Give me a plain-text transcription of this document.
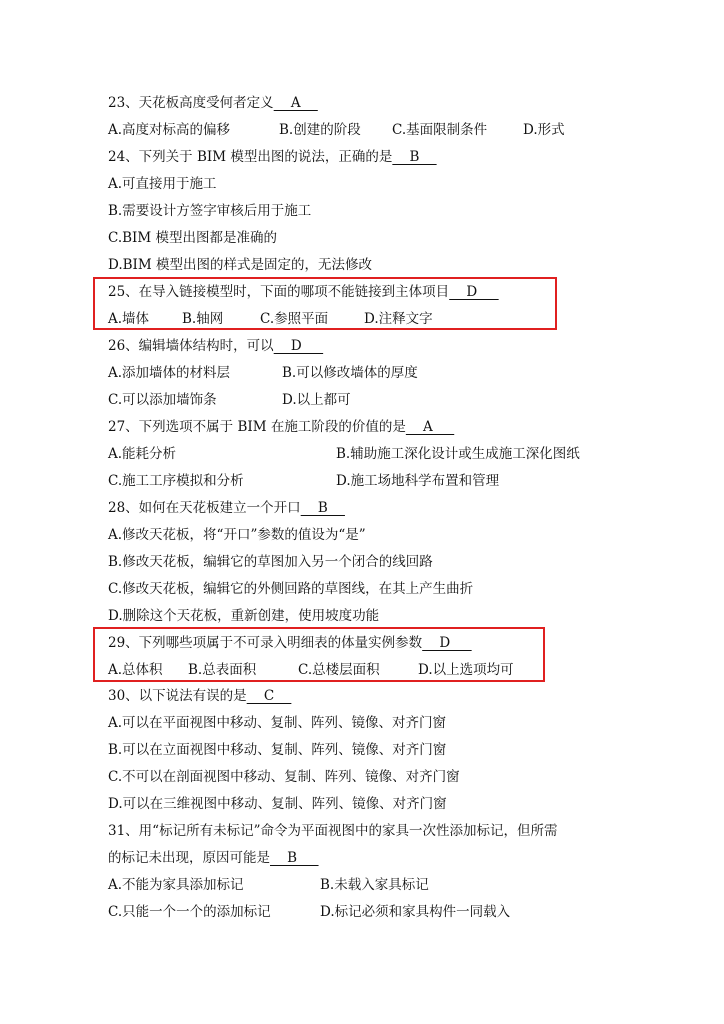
23、天花板高度受何者定义    A
A.高度对标高的偏移	B.创建的阶段 C.基面限制条件	D.形式
24、下列关于 BIM 模型出图的说法，正确的是    B
A.可直接用于施工
B.需要设计方签字审核后用于施工
C.BIM 模型出图都是准确的
D.BIM 模型出图的样式是固定的，无法修改
25、在导入链接模型时，下面的哪项不能链接到主体项目    D
A.墙体 B.轴网	C.参照平面	D.注释文字
26、编辑墙体结构时，可以    D
A.添加墙体的材料层	B.可以修改墙体的厚度
C.可以添加墙饰条	D.以上都可
27、下列选项不属于 BIM 在施工阶段的价值的是    A
A.能耗分析	B.辅助施工深化设计或生成施工深化图纸
C.施工工序模拟和分析	D.施工场地科学布置和管理
28、如何在天花板建立一个开口    B
A.修改天花板，将“开口”参数的值设为“是”
B.修改天花板，编辑它的草图加入另一个闭合的线回路
C.修改天花板，编辑它的外侧回路的草图线，在其上产生曲折
D.删除这个天花板，重新创建，使用坡度功能
29、下列哪些项属于不可录入明细表的体量实例参数    D
A.总体积 B.总表面积	C.总楼层面积	D.以上选项均可
30、以下说法有误的是    C
A.可以在平面视图中移动、复制、阵列、镜像、对齐门窗
B.可以在立面视图中移动、复制、阵列、镜像、对齐门窗
C.不可以在剖面视图中移动、复制、阵列、镜像、对齐门窗
D.可以在三维视图中移动、复制、阵列、镜像、对齐门窗
31、用“标记所有未标记”命令为平面视图中的家具一次性添加标记，但所需
的标记未出现，原因可能是    B
A.不能为家具添加标记	B.未载入家具标记
C.只能一个一个的添加标记	D.标记必须和家具构件一同载入
